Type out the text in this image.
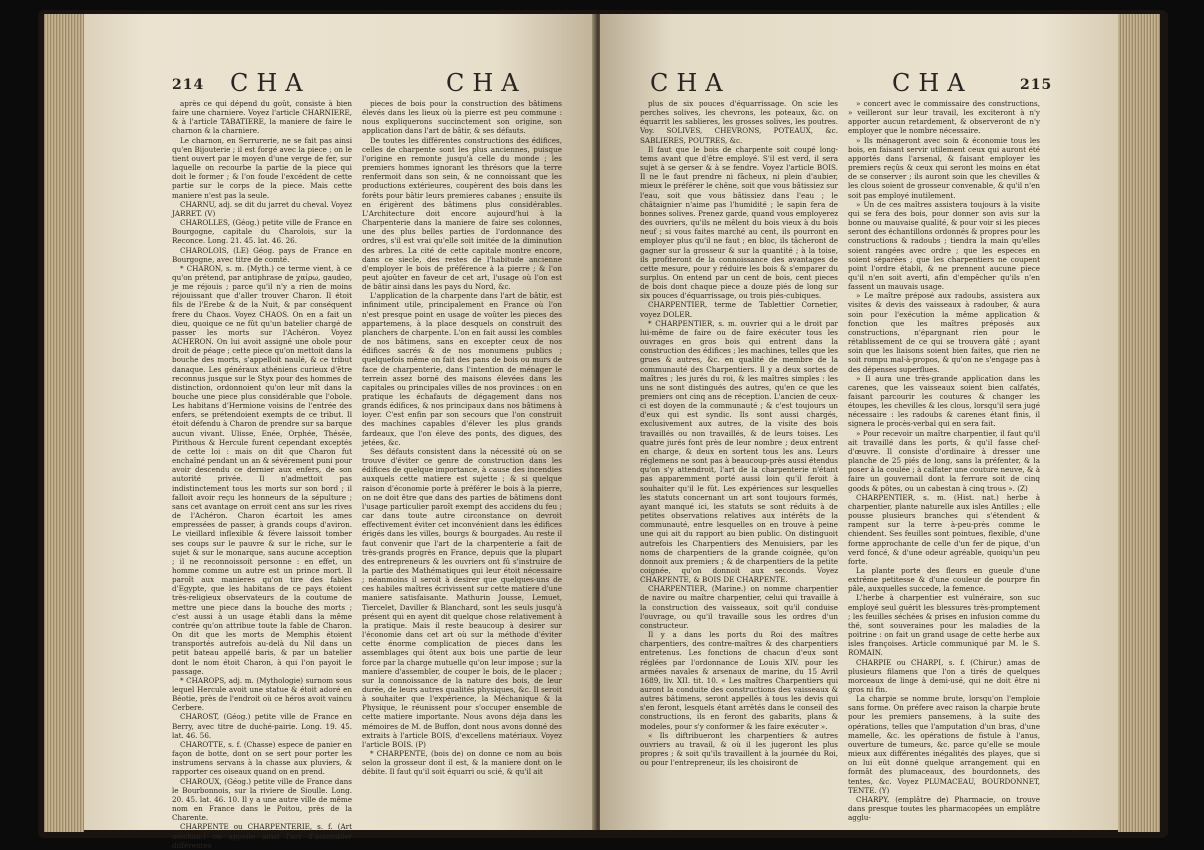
214 CHA	CHA

après ce qui dépend du goût, consiste à bien faire une charniere. Voyez l'article CHARNIERE, & à l'article TABATIERE, la maniere de faire le charnon & la charniere.

Le charnon, en Serrurerie, ne se fait pas ainsi qu'en Bijouterie ; il est forgé avec la piece ; on le tient ouvert par le moyen d'une verge de fer, sur laquelle on recourbe la partie de la piece qui doit le former ; & l'on foude l'excédent de cette partie sur le corps de la piece. Mais cette maniere n'est pas la seule.

CHARNU, adj. se dit du jarret du cheval. Voyez JARRET. (V)

CHAROLLES, (Géog.) petite ville de France en Bourgogne, capitale du Charolois, sur la Reconce. Long. 21. 45. lat. 46. 26.

CHAROLOIS, (LE) Géog. pays de France en Bourgogne, avec titre de comté.

* CHARON, s. m. (Myth.) ce terme vient, à ce qu'on prétend, par antiphrase de χαίρω, gaudeo, je me réjouis ; parce qu'il n'y a rien de moins réjouissant que d'aller trouver Charon. Il étoit fils de l'Erebe & de la Nuit, & par conséquent frere du Chaos. Voyez CHAOS. On en a fait un dieu, quoique ce ne fût qu'un batelier chargé de passer les morts sur l'Achéron. Voyez ACHERON. On lui avoit assigné une obole pour droit de péage ; cette piece qu'on mettoit dans la bouche des morts, s'appelloit naulé, & ce tribut danaque. Les généraux athéniens curieux d'être reconnus jusque sur le Styx pour des hommes de distinction, ordonnoient qu'on leur mît dans la bouche une piece plus considérable que l'obole. Les habitans d'Hermione voisins de l'entrée des enfers, se prétendoient exempts de ce tribut. Il étoit défendu à Charon de prendre sur sa barque aucun vivant. Ulisse, Enée, Orphée, Thésée, Pirithous & Hercule furent cependant exceptés de cette loi : mais on dit que Charon fut enchaîné pendant un an & sévérement puni pour avoir descendu ce dernier aux enfers, de son autorité privée. Il n'admettoit pas indistinctement tous les morts sur son bord ; il falloit avoir reçu les honneurs de la sépulture ; sans cet avantage on erroit cent ans sur les rives de l'Achéron. Charon écartoit les ames empressées de passer, à grands coups d'aviron. Le vieillard inflexible & févere laissoit tomber ses coups sur le pauvre & sur le riche, sur le sujet & sur le monarque, sans aucune acception ; il ne reconnoissoit personne : en effet, un homme comme un autre est un prince mort. Il paroît aux manieres qu'on tire des fables d'Egypte, que les habitans de ce pays étoient très-religieux observateurs de la coutume de mettre une piece dans la bouche des morts ; c'est aussi à un usage établi dans la même contrée qu'on attribue toute la fable de Charon. On dit que les morts de Memphis étoient transportés autrefois au-delà du Nil dans un petit bateau appellé baris, & par un batelier dont le nom étoit Charon, à qui l'on payoit le passage.

* CHAROPS, adj. m. (Mythologie) surnom sous lequel Hercule avoit une statue & étoit adoré en Béotie, près de l'endroit où ce héros avoit vaincu Cerbere.

CHAROST, (Géog.) petite ville de France en Berry, avec titre de duché-pairie. Long. 19. 45. lat. 46. 56.

CHAROTTE, s. f. (Chasse) espece de panier en façon de botte, dont on se sert pour porter les instrumens servans à la chasse aux pluviers, & rapporter ces oiseaux quand on en prend.

CHAROUX, (Géog.) petite ville de France dans le Bourbonnois, sur la riviere de Sioulle. Long. 20. 45. lat. 46. 10. Il y a une autre ville de même nom en France dans le Poitou, près de la Charente.

CHARPENTE ou CHARPENTERIE, s. f. (Art méchan.) on appelle ainsi l'art d'assembler différentes

pieces de bois pour la construction des bâtimens élevés dans les lieux où la pierre est peu commune : nous expliquerons succinctement son origine, son application dans l'art de bâtir, & ses défauts.

De toutes les différentes constructions des édifices, celles de charpente sont les plus anciennes, puisque l'origine en remonte jusqu'à celle du monde ; les premiers hommes ignorant les thrésors que la terre renfermoit dans son sein, & ne connoissant que les productions extérieures, coupèrent des bois dans les forêts pour bâtir leurs premieres cabanes ; ensuite ils en érigèrent des bâtimens plus considérables. L'Architecture doit encore aujourd'hui à la Charpenterie dans la maniere de faire ses colonnes, une des plus belles parties de l'ordonnance des ordres, s'il est vrai qu'elle soit imitée de la diminution des arbres. La cité de cette capitale montre encore, dans ce siecle, des restes de l'habitude ancienne d'employer le bois de préférence à la pierre ; & l'on peut ajoûter en faveur de cet art, l'usage où l'on est de bâtir ainsi dans les pays du Nord, &c.

L'application de la charpente dans l'art de bâtir, est infiniment utile, principalement en France où l'on n'est presque point en usage de voûter les pieces des appartemens, à la place desquels on construit des planchers de charpente. L'on en fait aussi les combles de nos bâtimens, sans en excepter ceux de nos édifices sacrés & de nos monumens publics ; quelquefois même on fait des pans de bois ou murs de face de charpenterie, dans l'intention de ménager le terrein assez borné des maisons élevées dans les capitales ou principales villes de nos provinces : on en pratique les échafauts de dégagement dans nos grands édifices, & nos principaux dans nos bâtimens à loyer. C'est enfin par son secours que l'on construit des machines capables d'élever les plus grands fardeaux, que l'on éleve des ponts, des digues, des jetées, &c.

Ses défauts consistent dans la nécessité où on se trouve d'éviter ce genre de construction dans les édifices de quelque importance, à cause des incendies auxquels cette matiere est sujette ; & si quelque raison d'économie porte à préférer le bois à la pierre, on ne doit être que dans des parties de bâtimens dont l'usage particulier paroît exempt des accidens du feu ; car dans toute autre circonstance on devroit effectivement éviter cet inconvénient dans les édifices érigés dans les villes, bourgs & bourgades. Au reste il faut convenir que l'art de la charpenterie a fait de très-grands progrès en France, depuis que la plupart des entrepreneurs & les ouvriers ont fû s'instruire de la partie des Mathématiques qui leur étoit nécessaire ; néanmoins il seroit à desirer que quelques-uns de ces habiles maîtres écrivissent sur cette matiere d'une maniere satisfaisante. Mathurin Jousse, Lemuet, Tiercelet, Daviller & Blanchard, sont les seuls jusqu'à présent qui en ayent dit quelque chose relativement à la pratique. Mais il reste beaucoup à desirer sur l'économie dans cet art où sur la méthode d'éviter cette énorme complication de pieces dans les assemblages qui ôtent aux bois une partie de leur force par la charge mutuelle qu'on leur impose ; sur la maniere d'assembler, de couper le bois, de le placer ; sur la connoissance de la nature des bois, de leur durée, de leurs autres qualités physiques, &c. Il seroit à souhaiter que l'expérience, la Méchanique & la Physique, le réunissent pour s'occuper ensemble de cette matiere importante. Nous avons déja dans les mémoires de M. de Buffon, dont nous avons donné des extraits à l'article BOIS, d'excellens matériaux. Voyez l'article BOIS. (P)

* CHARPENTE, (bois de) on donne ce nom au bois selon la grosseur dont il est, & la maniere dont on le débite. Il faut qu'il soit équarri ou scié, & qu'il ait

CHA	CHA	215

plus de six pouces d'équarrissage. On scie les perches solives, les chevrons, les poteaux, &c. on équarrit les sablieres, les grosses solives, les poutres. Voy. SOLIVES, CHEVRONS, POTEAUX, &c. SABLIERES, POUTRES, &c.

Il faut que le bois de charpente soit coupé long-tems avant que d'être employé. S'il est verd, il sera sujet à se gerser & à se fendre. Voyez l'article BOIS. Il ne le faut prendre ni fâcheux, ni plein d'aubier, mieux le préférer le chêne, soit que vous bâtissiez sur l'eau, soit que vous bâtissiez dans l'eau ; le châtaignier n'aime pas l'humidité ; le sapin fera de bonnes solives. Prenez garde, quand vous employerez des ouvriers, qu'ils ne mêlent du bois vieux à du bois neuf ; si vous faites marché au cent, ils pourront en employer plus qu'il ne faut ; en bloc, ils tâcheront de gagner sur la grosseur & sur la quantité ; à la toise, ils profiteront de la connoissance des avantages de cette mesure, pour y réduire les bois & s'emparer du surplus. On entend par un cent de bois, cent pieces de bois dont chaque piece a douze piés de long sur six pouces d'équarrissage, ou trois piés-cubiques.

CHARPENTIER, terme de Tablettier Cornetier, voyez DOLER.

* CHARPENTIER, s. m. ouvrier qui a le droit par lui-même de faire ou de faire exécuter tous les ouvrages en gros bois qui entrent dans la construction des édifices ; les machines, telles que les grues & autres, &c. en qualité de membre de la communauté des Charpentiers. Il y a deux sortes de maîtres ; les jurés du roi, & les maîtres simples : les uns ne sont distingués des autres, qu'en ce que les premiers ont cinq ans de réception. L'ancien de ceux-ci est doyen de la communauté ; & c'est toujours un d'eux qui est syndic. Ils sont aussi chargés, exclusivement aux autres, de la visite des bois travaillés ou non travaillés, & de leurs toises. Les quatre jurés font près de leur nombre ; deux entrent en charge, & deux en sortent tous les ans. Leurs réglemens ne sont pas à beaucoup-près aussi étendus qu'on s'y attendroit, l'art de la charpenterie n'étant pas apparemment porté aussi loin qu'il feroit à souhaiter qu'il le fût. Les expériences sur lesquelles les statuts concernant un art sont toujours formés, ayant manqué ici, les statuts se sont réduits à de petites observations relatives aux intérêts de la communauté, entre lesquelles on en trouve à peine une qui ait du rapport au bien public. On distinguoit autrefois les Charpentiers des Menuisiers, par les noms de charpentiers de la grande coignée, qu'on donnoit aux premiers ; & de charpentiers de la petite coignée, qu'on donnoit aux seconds. Voyez CHARPENTE, & BOIS DE CHARPENTE.

CHARPENTIER, (Marine.) on nomme charpentier de navire ou maître charpentier, celui qui travaille à la construction des vaisseaux, soit qu'il conduise l'ouvrage, ou qu'il travaille sous les ordres d'un constructeur.

Il y a dans les ports du Roi des maîtres charpentiers, des contre-maîtres & des charpentiers entretenus. Les fonctions de chacun d'eux sont réglées par l'ordonnance de Louis XIV. pour les armées navales & arsenaux de marine, du 15 Avril 1689, liv. XII. tit. 10. « Les maîtres Charpentiers qui auront la conduite des constructions des vaisseaux & autres bâtimens, seront appellés à tous les devis qui s'en feront, lesquels étant arrêtés dans le conseil des constructions, ils en feront des gabarits, plans & modeles, pour s'y conformer & les faire exécuter ».

« Ils diftribueront les charpentiers & autres ouvriers au travail, & où il les jugeront les plus propres ; & soit qu'ils travaillent à la journée du Roi, ou pour l'entrepreneur, ils les choisiront de

» concert avec le commissaire des constructions, » veilleront sur leur travail, les exciteront à n'y apporter aucun retardement, & observeront de n'y employer que le nombre nécessaire.

» Ils ménageront avec soin & économie tous les bois, en faisant servir utilement ceux qui auront été apportés dans l'arsenal, & faisant employer les premiers reçûs & ceux qui seront les moins en état de se conserver ; ils auront soin que les chevilles & les clous soient de grosseur convenable, & qu'il n'en soit pas employé inutilement.

» Un de ces maîtres assistera toujours à la visite qui se fera des bois, pour donner son avis sur la bonne ou mauvaise qualité, & pour voir si les pieces seront des échantillons ordonnés & propres pour les constructions & radoubs ; tiendra la main qu'elles soient rangées avec ordre ; que les especes en soient séparées ; que les charpentiers ne coupent point l'ordre établi, & ne prennent aucune piece qu'il n'en soit averti, afin d'empêcher qu'ils n'en fassent un mauvais usage.

» Le maître préposé aux radoubs, assistera aux visites & devis des vaisseaux à radouber, & aura soin pour l'exécution la même application & fonction que les maîtres préposés aux constructions, n'épargnant rien pour le rétablissement de ce qui se trouvera gâté ; ayant soin que les liaisons soient bien faites, que rien ne soit rompu mal-à-propos, & qu'on ne s'engage pas à des dépenses superflues.

» Il aura une très-grande application dans les carenes, que les vaisseaux soient bien calfatés, faisant parcourir les coutures & changer les étoupes, les chevilles & les clous, lorsqu'il sera jugé nécessaire : les radoubs & carenes étant finis, il signera le procès-verbal qui en sera fait.

» Pour recevoir un maître charpentier, il faut qu'il ait travaillé dans les ports, & qu'il fasse chef-d'œuvre. Il consiste d'ordinaire à dresser une planche de 25 piés de long, sans la préfenter, & la poser à la coulée ; à calfater une couture neuve, & à faire un gouvernail dont la ferrure soit de cinq goods & pôtes, ou un cabestan à cinq trous ». (Z)

CHARPENTIER, s. m. (Hist. nat.) herbe à charpentier, plante naturelle aux isles Antilles ; elle pousse plusieurs branches qui s'étendent & rampent sur la terre à-peu-près comme le chiendent. Ses feuilles sont pointues, flexible, d'une forme approchante de celle d'un fer de pique, d'un verd foncé, & d'une odeur agréable, quoiqu'un peu forte.

La plante porte des fleurs en gueule d'une extrême petitesse & d'une couleur de pourpre fin pâle, auxquelles succede, la femence.

L'herbe à charpentier est vulnéraire, son suc employé seul guérit les blessures très-promptement ; les feuilles séchées & prises en infusion comme du thé, sont souveraines pour les maladies de la poitrine : on fait un grand usage de cette herbe aux isles françoises. Article communiqué par M. le S. ROMAIN.

CHARPIE ou CHARPI, s. f. (Chirur.) amas de plusieurs filamens que l'on a tirés de quelques morceaux de linge à demi-usé, qui ne doit être ni gros ni fin.

La charpie se nomme brute, lorsqu'on l'emploie sans forme. On préfere avec raison la charpie brute pour les premiers pansemens, à la suite des opérations, telles que l'amputation d'un bras, d'une mamelle, &c. les opérations de fistule à l'anus, ouverture de tumeurs, &c. parce qu'elle se moule mieux aux différentes inégalités des playes, que si on lui eût donné quelque arrangement qui en formât des plumaceaux, des bourdonnets, des tentes, &c. Voyez PLUMACEAU, BOURDONNET, TENTE. (Y)

CHARPY, (emplâtre de) Pharmacie, on trouve dans presque toutes les pharmacopées un emplâtre agglu-
